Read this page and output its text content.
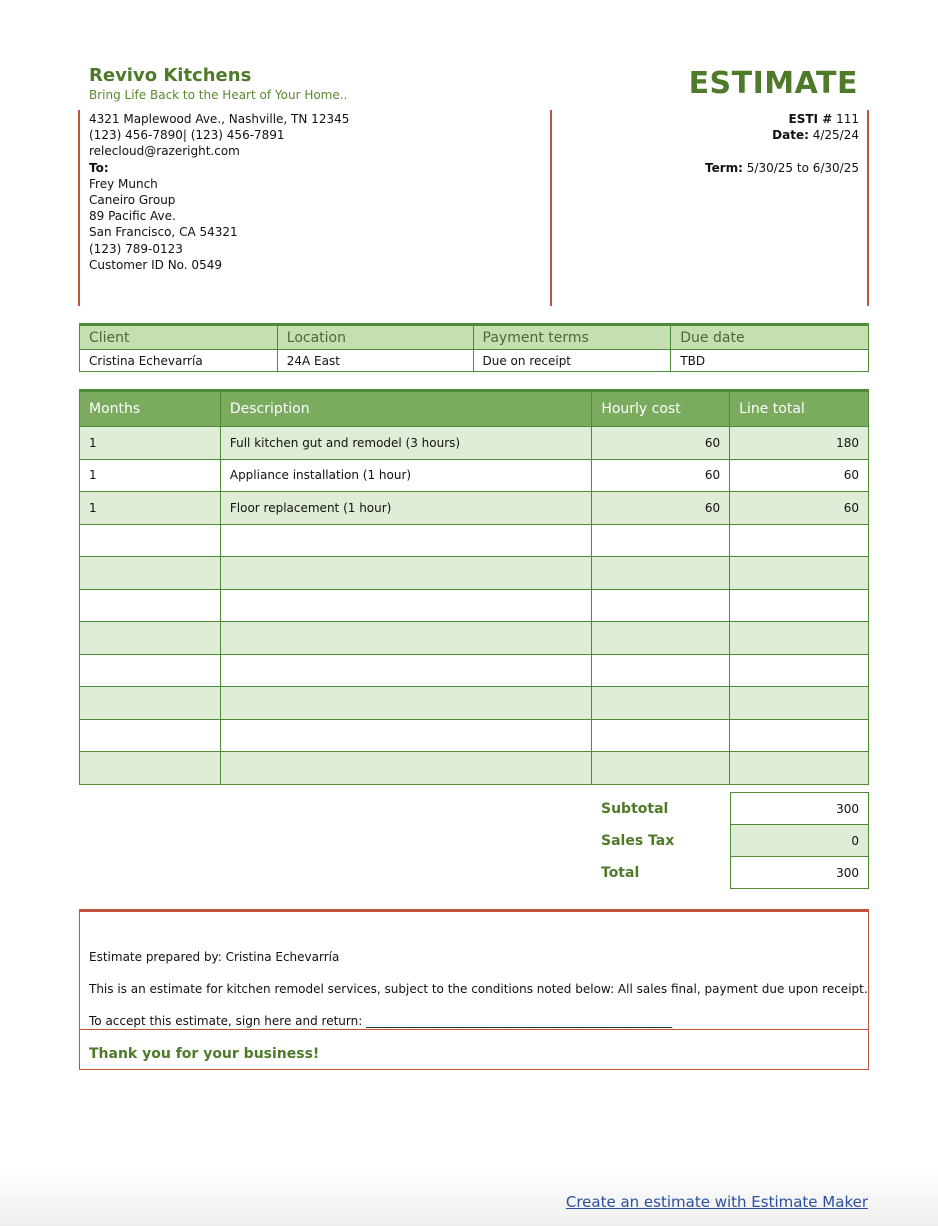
Revivo Kitchens
Bring Life Back to the Heart of Your Home..	ESTIMATE
4321 Maplewood Ave., Nashville, TN 12345
(123) 456-7890| (123) 456-7891
relecloud@razeright.com
To:
Frey Munch
Caneiro Group
89 Pacific Ave.
San Francisco, CA 54321
(123) 789-0123
Customer ID No. 0549
ESTI # 111
Date: 4/25/24

Term: 5/30/25 to 6/30/25
Client	Location	Payment terms	Due date
Cristina Echevarría	24A East	Due on receipt	TBD
Months	Description	Hourly cost	Line total
1	Full kitchen gut and remodel (3 hours)	60	180
1	Appliance installation (1 hour)	60	60
1	Floor replacement (1 hour)	60	60

Subtotal	300
Sales Tax	0
Total	300
Estimate prepared by: Cristina Echevarría
This is an estimate for kitchen remodel services, subject to the conditions noted below: All sales final, payment due upon receipt.
To accept this estimate, sign here and return: ___________________________________________________
Thank you for your business!
Create an estimate with Estimate Maker
